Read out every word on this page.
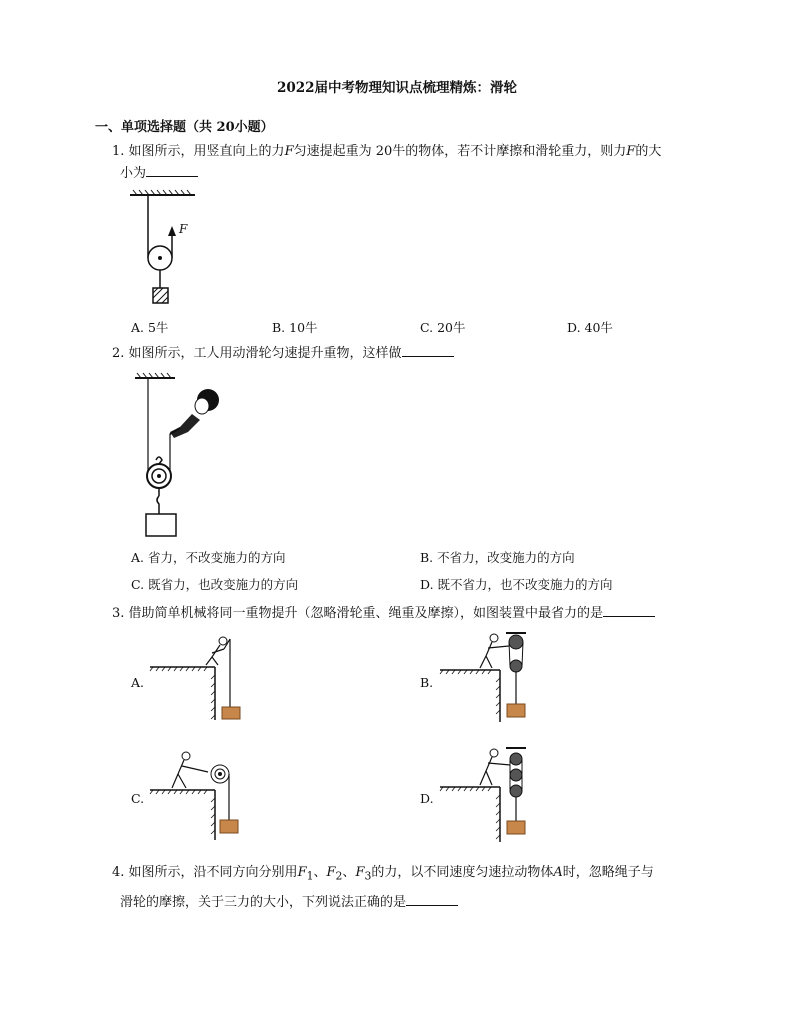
2022届中考物理知识点梳理精炼：滑轮
一、单项选择题（共 20小题）
1. 如图所示，用竖直向上的力F匀速提起重为 20牛的物体，若不计摩擦和滑轮重力，则力F的大
小为
F
A. 5牛	B. 10牛	C. 20牛	D. 40牛
2. 如图所示，工人用动滑轮匀速提升重物，这样做
A. 省力，不改变施力的方向	B. 不省力，改变施力的方向
C. 既省力，也改变施力的方向	D. 既不省力，也不改变施力的方向
3. 借助简单机械将同一重物提升（忽略滑轮重、绳重及摩擦），如图装置中最省力的是
A.	B.
C.	D.
4. 如图所示，沿不同方向分别用$F_1$、$F_2$、$F_3$的力，以不同速度匀速拉动物体A时，忽略绳子与
滑轮的摩擦，关于三力的大小，下列说法正确的是
